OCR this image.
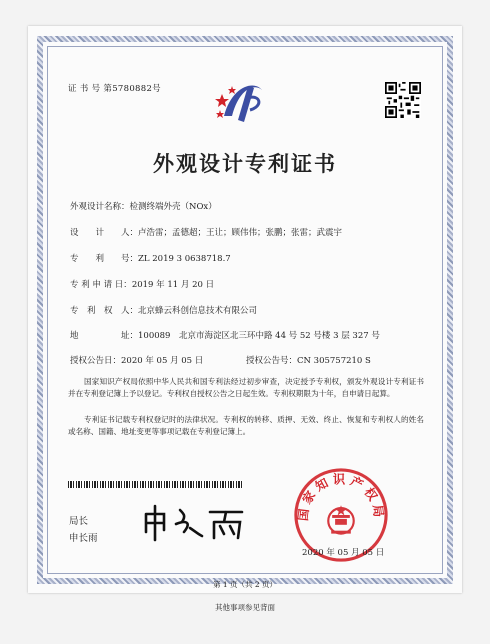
证 书 号 第5780882号
外观设计专利证书
外观设计名称：检测终端外壳（NOx）
设　　计　　人：卢浩雷；孟德超；王让；顾伟伟；张鹏；张雷；武震宇
专　　利　　号：ZL 2019 3 0638718.7
专 利 申 请 日：2019 年 11 月 20 日
专　利　权　人：北京蜂云科创信息技术有限公司
地　　　　　址：100089　北京市海淀区北三环中路 44 号 52 号楼 3 层 327 号
授权公告日：2020 年 05 月 05 日	授权公告号：CN 305757210 S
国家知识产权局依照中华人民共和国专利法经过初步审查，决定授予专利权，颁发外观设计专利证书并在专利登记簿上予以登记。专利权自授权公告之日起生效。专利权期限为十年，自申请日起算。
专利证书记载专利权登记时的法律状况。专利权的转移、质押、无效、终止、恢复和专利权人的姓名或名称、国籍、地址变更等事项记载在专利登记簿上。
局长
申长雨
国家知识产权局
2020 年 05 月 05 日
第 1 页（共 2 页）
其他事项参见背面
